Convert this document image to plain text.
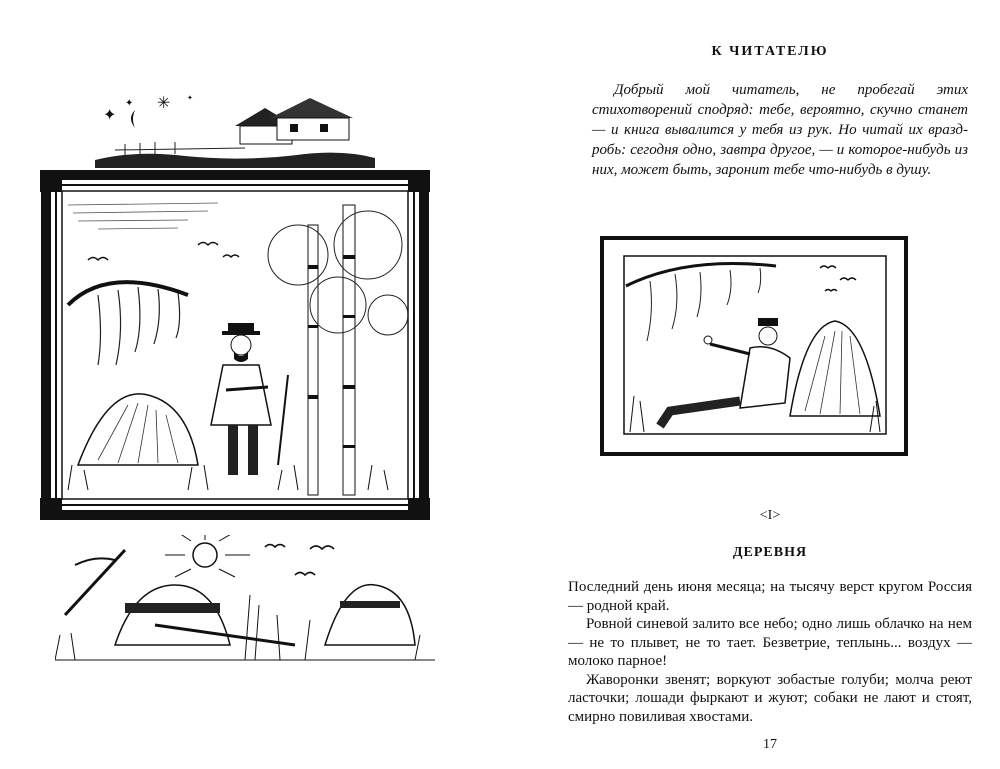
✦
✦ ✳ ✦
К ЧИТАТЕЛЮ

Добрый мой читатель, не пробегай этих стихотворений сподряд: тебе, вероятно, скучно станет — и книга вывалится у тебя из рук. Но читай их вразд-робь: сегодня одно, завтра другое, — и которое-нибудь из них, может быть, заронит тебе что-нибудь в душу.

<I>
ДЕРЕВНЯ

Последний день июня месяца; на тысячу верст кругом Россия — родной край.

Ровной синевой залито все небо; одно лишь облачко на нем — не то плывет, не то тает. Безветрие, теплынь... воздух — молоко парное!

Жаворонки звенят; воркуют зобастые голуби; молча реют ласточки; лошади фыркают и жуют; собаки не лают и стоят, смирно повиливая хвостами.

17
